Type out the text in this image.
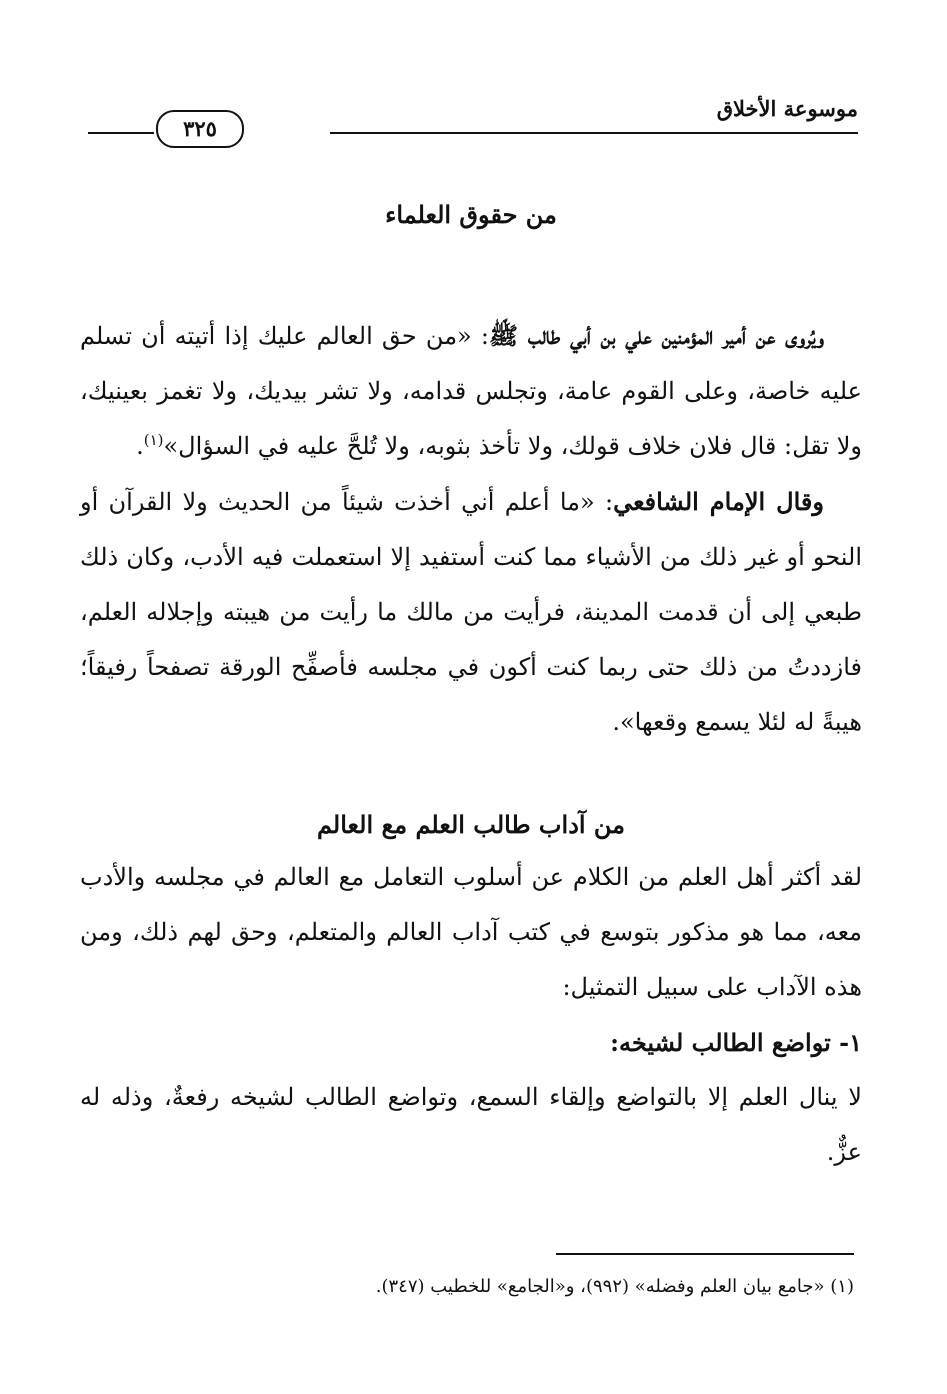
موسوعة الأخلاق
٣٢٥
من حقوق العلماء

ويُروى عن أمير المؤمنين علي بن أبي طالب ﷺ: «من حق العالم عليك إذا أتيته أن تسلم عليه خاصة، وعلى القوم عامة، وتجلس قدامه، ولا تشر بيديك، ولا تغمز بعينيك، ولا تقل: قال فلان خلاف قولك، ولا تأخذ بثوبه، ولا تُلحَّ عليه في السؤال»$^{(١)}$.

وقال الإمام الشافعي: «ما أعلم أني أخذت شيئاً من الحديث ولا القرآن أو النحو أو غير ذلك من الأشياء مما كنت أستفيد إلا استعملت فيه الأدب، وكان ذلك طبعي إلى أن قدمت المدينة، فرأيت من مالك ما رأيت من هيبته وإجلاله العلم، فازددتُ من ذلك حتى ربما كنت أكون في مجلسه فأصفِّح الورقة تصفحاً رفيقاً؛ هيبةً له لئلا يسمع وقعها».

من آداب طالب العلم مع العالم

لقد أكثر أهل العلم من الكلام عن أسلوب التعامل مع العالم في مجلسه والأدب معه، مما هو مذكور بتوسع في كتب آداب العالم والمتعلم، وحق لهم ذلك، ومن هذه الآداب على سبيل التمثيل:

١- تواضع الطالب لشيخه:

لا ينال العلم إلا بالتواضع وإلقاء السمع، وتواضع الطالب لشيخه رفعةٌ، وذله له عزٌّ.

(١) «جامع بيان العلم وفضله» (٩٩٢)، و«الجامع» للخطيب (٣٤٧).
